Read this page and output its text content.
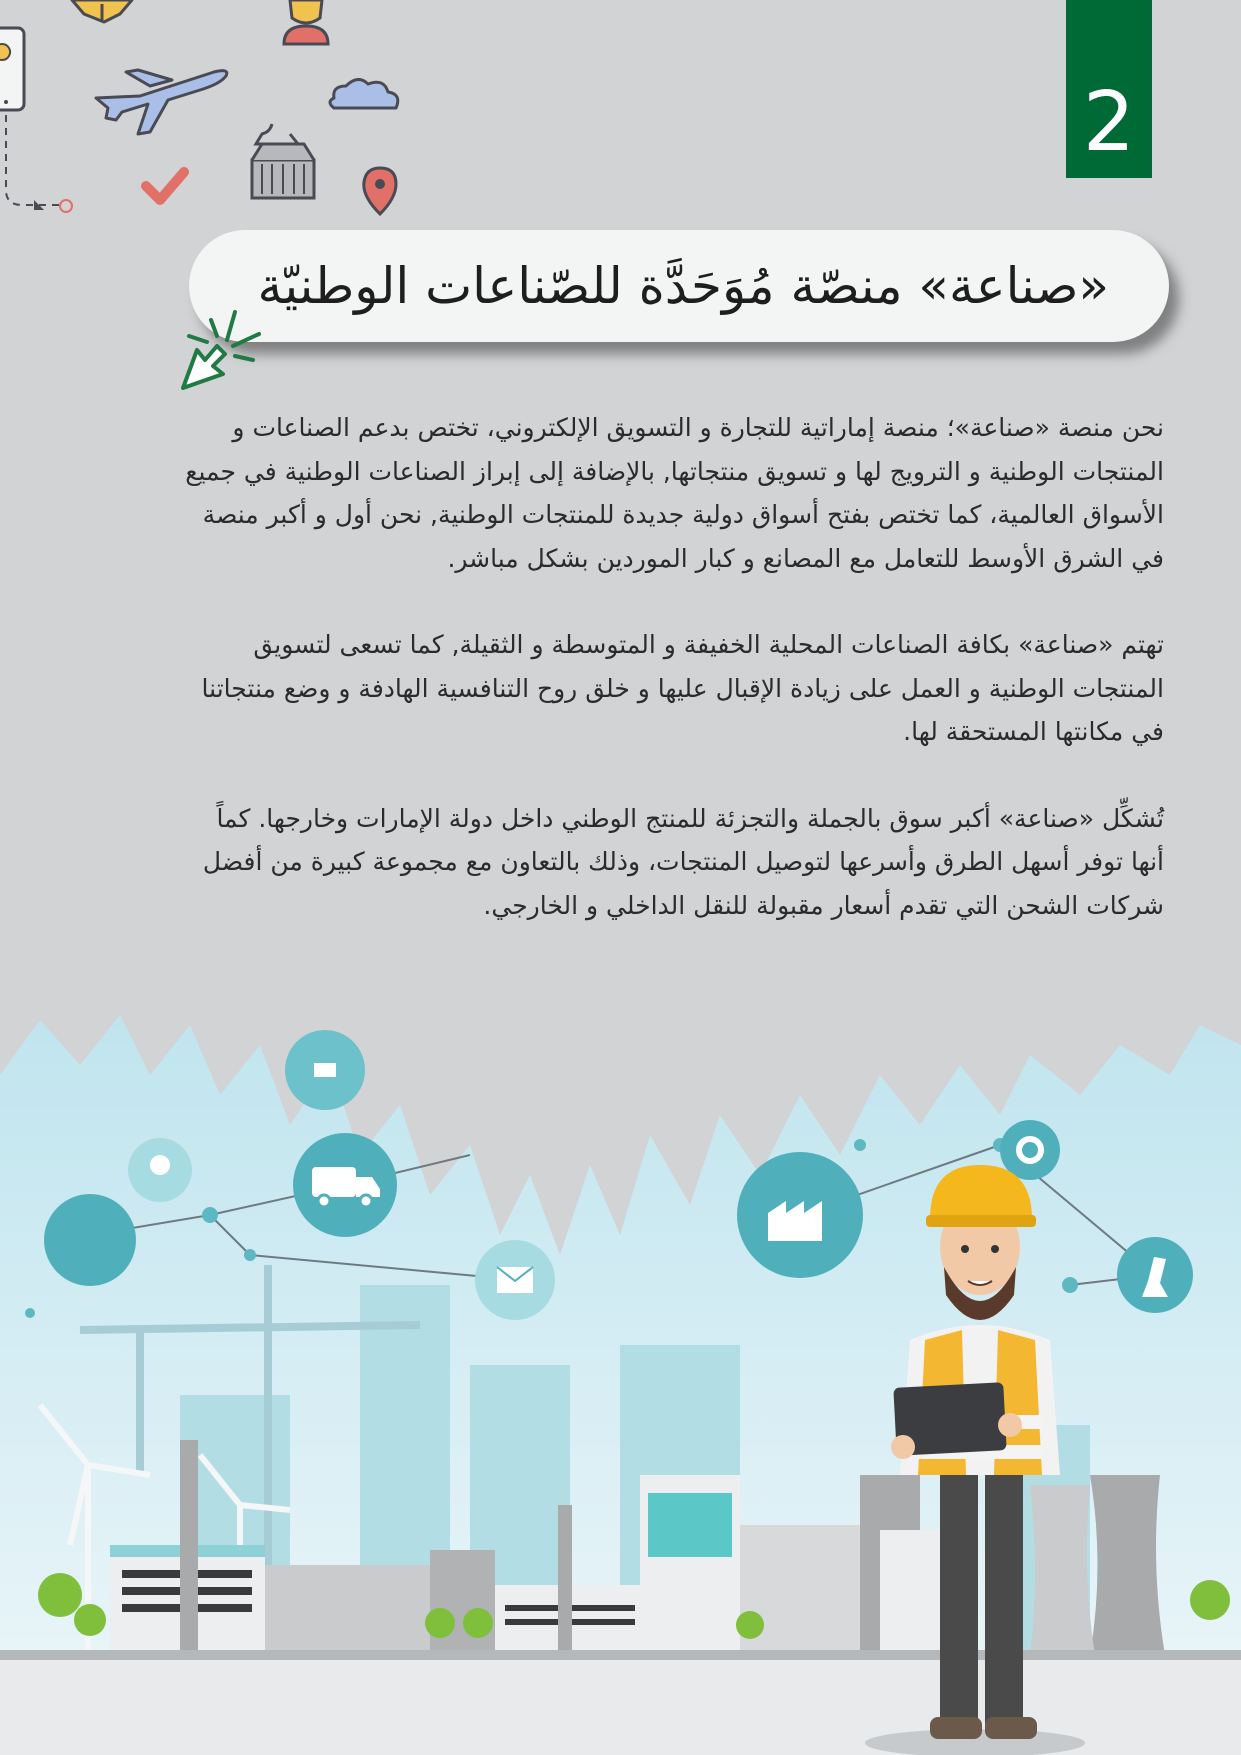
2
«صناعة» منصّة مُوَحَدَّة للصّناعات الوطنيّة

نحن منصة «صناعة»؛ منصة إماراتية للتجارة و التسويق الإلكتروني، تختص بدعم الصناعات و
المنتجات الوطنية و الترويج لها و تسويق منتجاتها, بالإضافة إلى إبراز الصناعات الوطنية في جميع
الأسواق العالمية، كما تختص بفتح أسواق دولية جديدة للمنتجات الوطنية, نحن أول و أكبر منصة
في الشرق الأوسط للتعامل مع المصانع و كبار الموردين بشكل مباشر.

تهتم «صناعة» بكافة الصناعات المحلية الخفيفة و المتوسطة و الثقيلة, كما تسعى لتسويق
المنتجات الوطنية و العمل على زيادة الإقبال عليها و خلق روح التنافسية الهادفة و وضع منتجاتنا
في مكانتها المستحقة لها.

تُشكِّل «صناعة» أكبر سوق بالجملة والتجزئة للمنتج الوطني داخل دولة الإمارات وخارجها. كماً
أنها توفر أسهل الطرق وأسرعها لتوصيل المنتجات، وذلك بالتعاون مع مجموعة كبيرة من أفضل
شركات الشحن التي تقدم أسعار مقبولة للنقل الداخلي و الخارجي.
